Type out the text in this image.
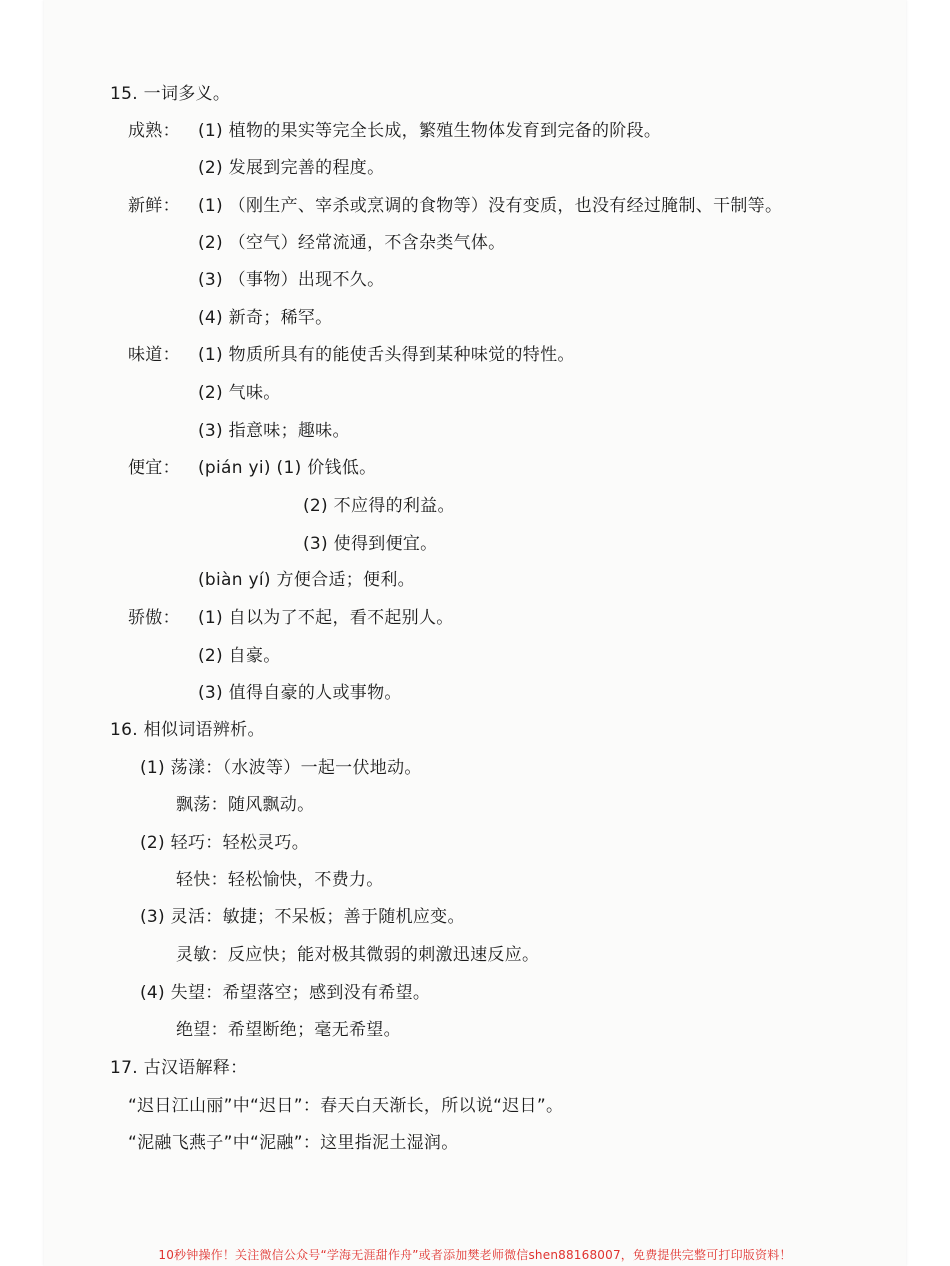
15. 一词多义。
成熟： (1) 植物的果实等完全长成，繁殖生物体发育到完备的阶段。
(2) 发展到完善的程度。
新鲜： (1) （刚生产、宰杀或烹调的食物等）没有变质，也没有经过腌制、干制等。
(2) （空气）经常流通，不含杂类气体。
(3) （事物）出现不久。
(4) 新奇；稀罕。
味道： (1) 物质所具有的能使舌头得到某种味觉的特性。
(2) 气味。
(3) 指意味；趣味。
便宜： (pián yi) (1) 价钱低。
(2) 不应得的利益。
(3) 使得到便宜。
(biàn yí) 方便合适；便利。
骄傲： (1) 自以为了不起，看不起别人。
(2) 自豪。
(3) 值得自豪的人或事物。
16. 相似词语辨析。
(1) 荡漾：（水波等）一起一伏地动。
飘荡：随风飘动。
(2) 轻巧：轻松灵巧。
轻快：轻松愉快，不费力。
(3) 灵活：敏捷；不呆板；善于随机应变。
灵敏：反应快；能对极其微弱的刺激迅速反应。
(4) 失望：希望落空；感到没有希望。
绝望：希望断绝；毫无希望。
17. 古汉语解释：
“迟日江山丽”中“迟日”：春天白天渐长，所以说“迟日”。
“泥融飞燕子”中“泥融”：这里指泥土湿润。
10秒钟操作！关注微信公众号“学海无涯甜作舟”或者添加樊老师微信shen88168007，免费提供完整可打印版资料！
